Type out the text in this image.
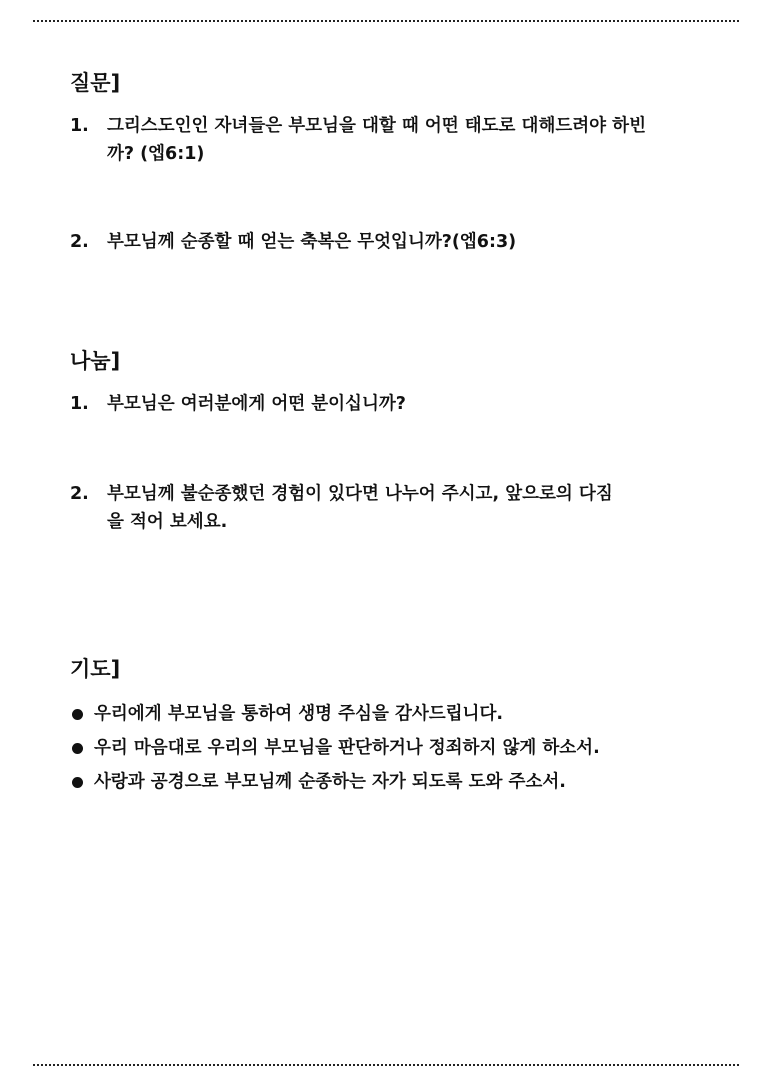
질문]
1.	그리스도인인 자녀들은 부모님을 대할 때 어떤 태도로 대해드려야 하빈
까? (엡6:1)
2.	부모님께 순종할 때 얻는 축복은 무엇입니까?(엡6:3)
나눔]
1.	부모님은 여러분에게 어떤 분이십니까?
2.	부모님께 불순종했던 경험이 있다면 나누어 주시고, 앞으로의 다짐
을 적어 보세요.
기도]
우리에게 부모님을 통하여 생명 주심을 감사드립니다.
우리 마음대로 우리의 부모님을 판단하거나 정죄하지 않게 하소서.
사랑과 공경으로 부모님께 순종하는 자가 되도록 도와 주소서.
